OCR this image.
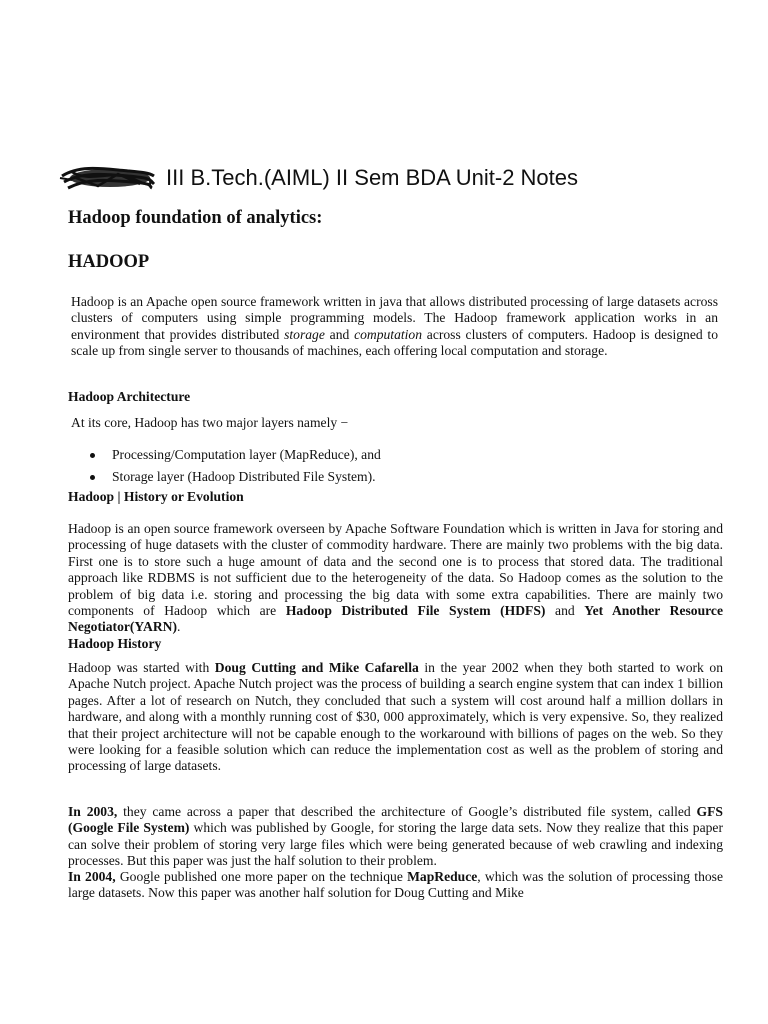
III B.Tech.(AIML) II Sem BDA Unit-2 Notes
Hadoop foundation of analytics:
HADOOP

Hadoop is an Apache open source framework written in java that allows distributed processing of large datasets across clusters of computers using simple programming models. The Hadoop framework application works in an environment that provides distributed storage and computation across clusters of computers. Hadoop is designed to scale up from single server to thousands of machines, each offering local computation and storage.

Hadoop Architecture

At its core, Hadoop has two major layers namely −

Processing/Computation layer (MapReduce), and
Storage layer (Hadoop Distributed File System).

Hadoop | History or Evolution

Hadoop is an open source framework overseen by Apache Software Foundation which is written in Java for storing and processing of huge datasets with the cluster of commodity hardware. There are mainly two problems with the big data. First one is to store such a huge amount of data and the second one is to process that stored data. The traditional approach like RDBMS is not sufficient due to the heterogeneity of the data. So Hadoop comes as the solution to the problem of big data i.e. storing and processing the big data with some extra capabilities. There are mainly two components of Hadoop which are Hadoop Distributed File System (HDFS) and Yet Another Resource Negotiator(YARN).

Hadoop History

Hadoop was started with Doug Cutting and Mike Cafarella in the year 2002 when they both started to work on Apache Nutch project. Apache Nutch project was the process of building a search engine system that can index 1 billion pages. After a lot of research on Nutch, they concluded that such a system will cost around half a million dollars in hardware, and along with a monthly running cost of $30, 000 approximately, which is very expensive. So, they realized that their project architecture will not be capable enough to the workaround with billions of pages on the web. So they were looking for a feasible solution which can reduce the implementation cost as well as the problem of storing and processing of large datasets.

In 2003, they came across a paper that described the architecture of Google’s distributed file system, called GFS (Google File System) which was published by Google, for storing the large data sets. Now they realize that this paper can solve their problem of storing very large files which were being generated because of web crawling and indexing processes. But this paper was just the half solution to their problem.

In 2004, Google published one more paper on the technique MapReduce, which was the solution of processing those large datasets. Now this paper was another half solution for Doug Cutting and Mike
